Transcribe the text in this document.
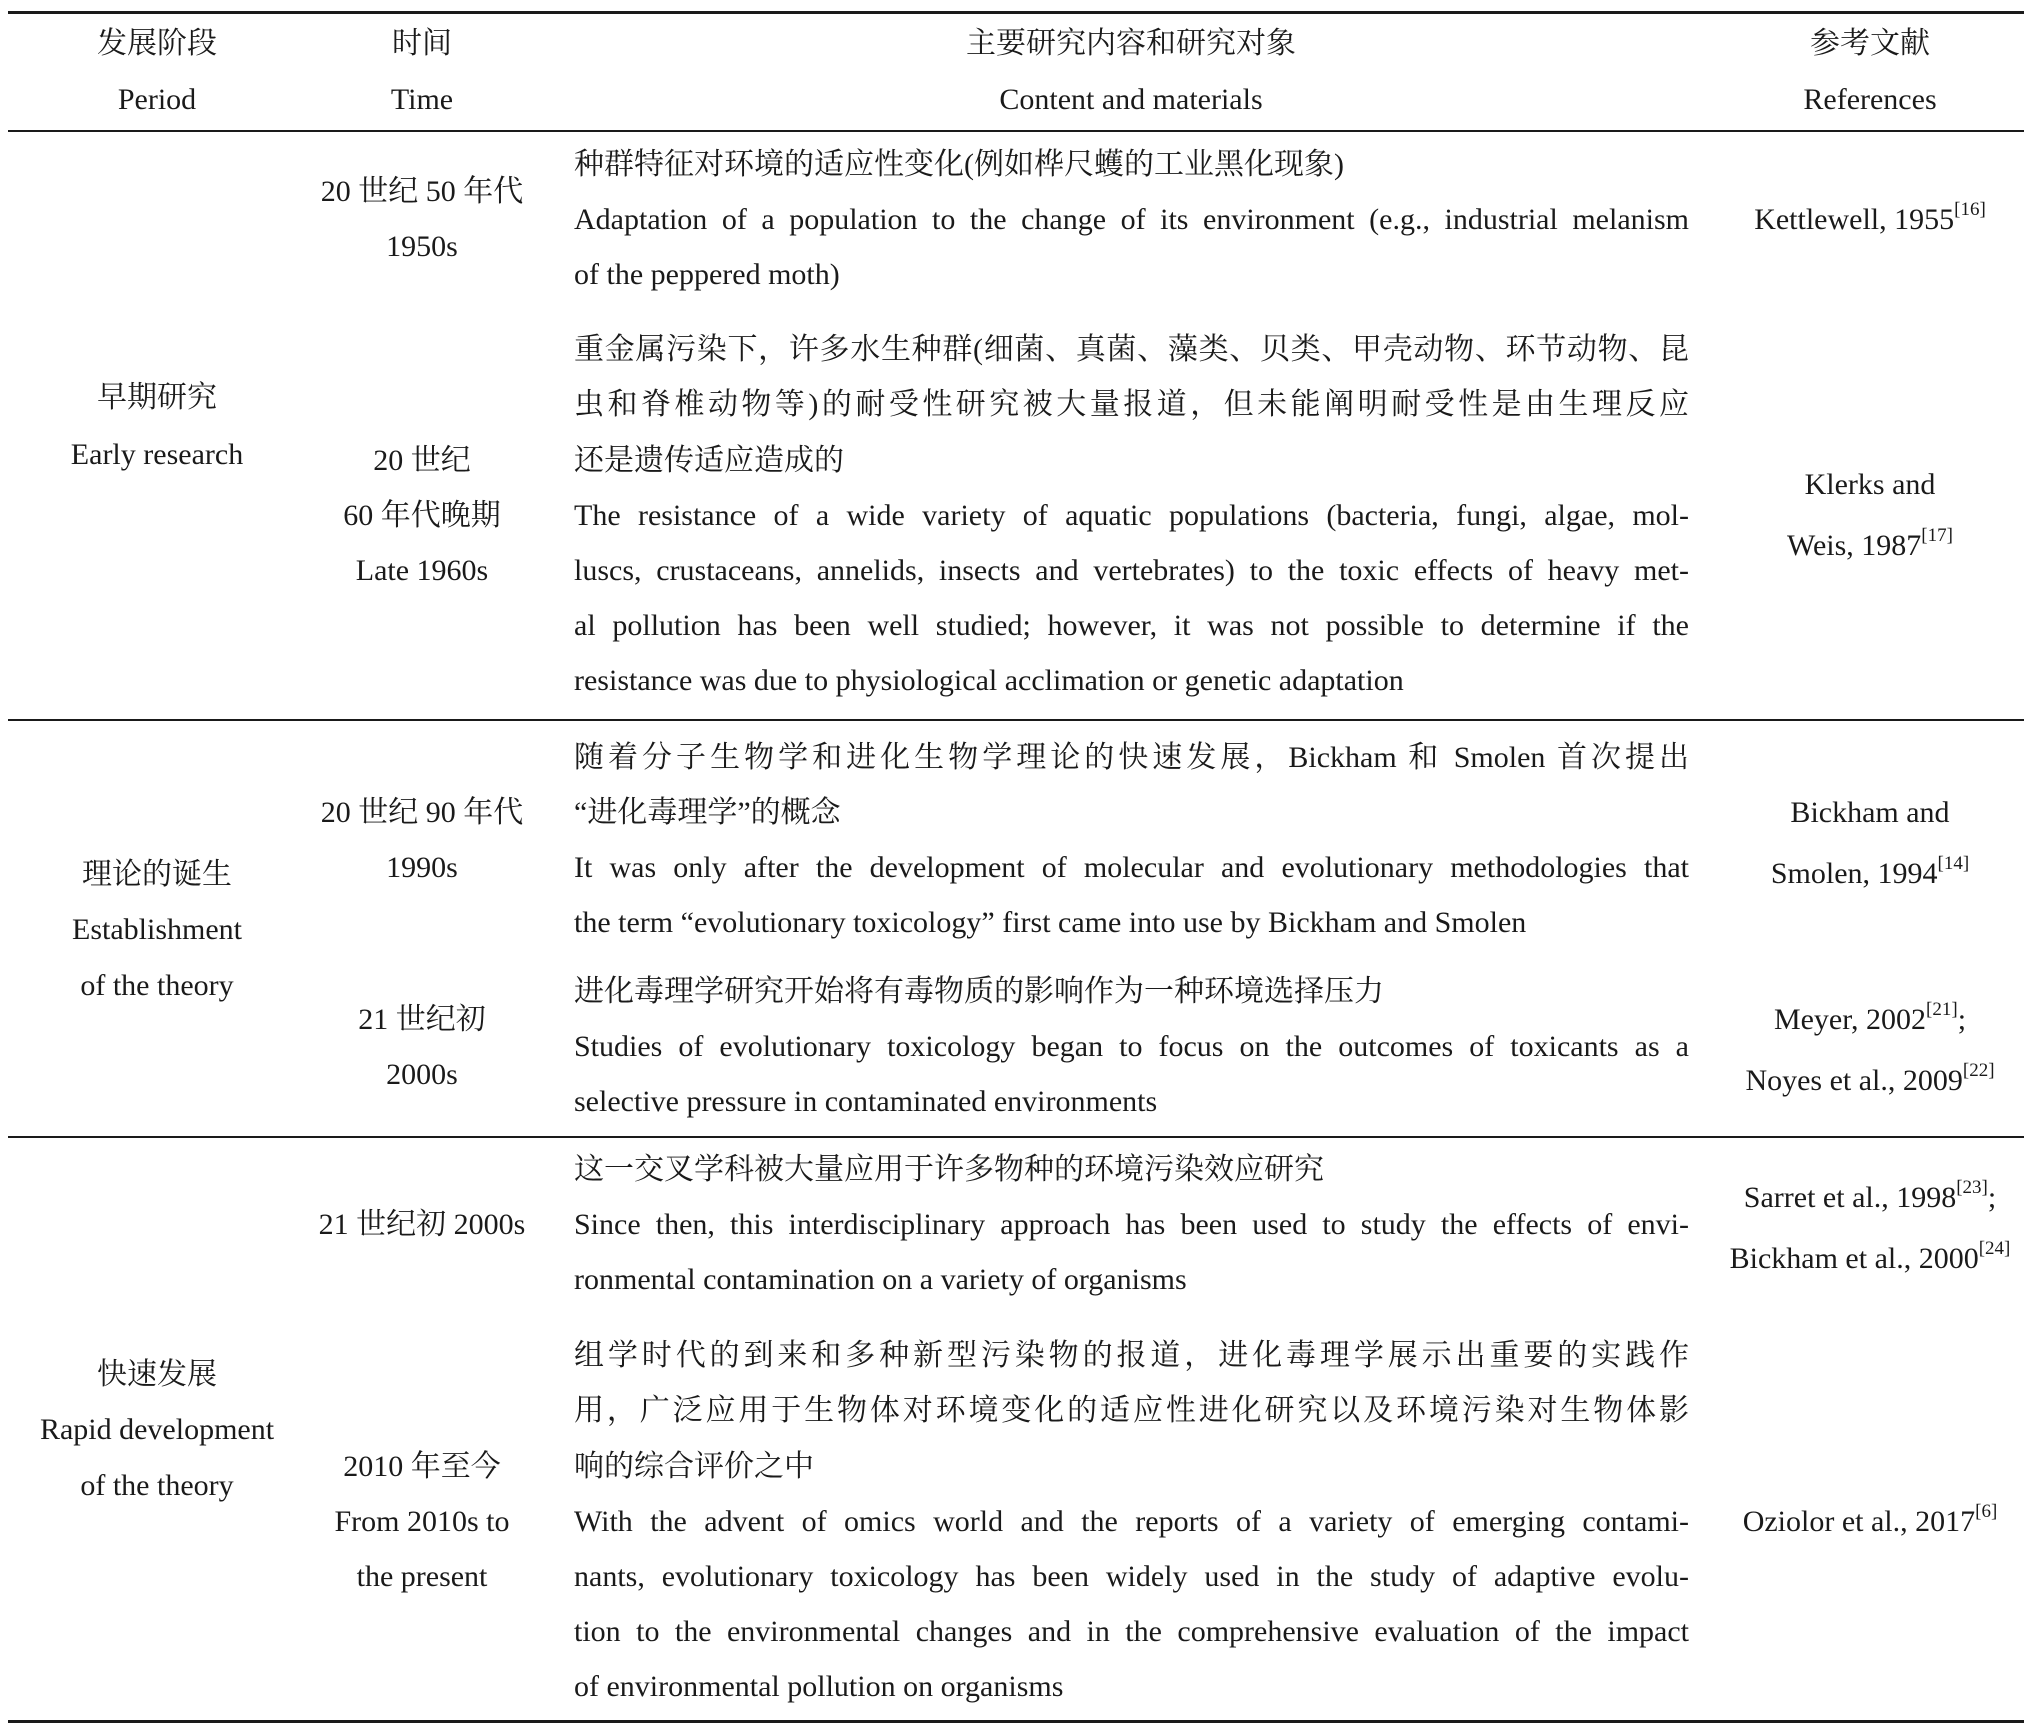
发展阶段
Period
时间
Time
主要研究内容和研究对象
Content and materials
参考文献
References
早期研究
Early research
20 世纪 50 年代
1950s
种群特征对环境的适应性变化(例如桦尺蠖的工业黑化现象)
Adaptation of a population to the change of its environment (e.g., industrial melanism
of the peppered moth)
Kettlewell, 1955[16]
20 世纪
60 年代晚期
Late 1960s
重金属污染下，许多水生种群(细菌、真菌、藻类、贝类、甲壳动物、环节动物、昆
虫和脊椎动物等)的耐受性研究被大量报道，但未能阐明耐受性是由生理反应
还是遗传适应造成的
The resistance of a wide variety of aquatic populations (bacteria, fungi, algae, mol-
luscs, crustaceans, annelids, insects and vertebrates) to the toxic effects of heavy met-
al pollution has been well studied; however, it was not possible to determine if the
resistance was due to physiological acclimation or genetic adaptation
Klerks and
Weis, 1987[17]
理论的诞生
Establishment
of the theory
20 世纪 90 年代
1990s
随着分子生物学和进化生物学理论的快速发展，Bickham 和 Smolen 首次提出
“进化毒理学”的概念
It was only after the development of molecular and evolutionary methodologies that
the term “evolutionary toxicology” first came into use by Bickham and Smolen
Bickham and
Smolen, 1994[14]
21 世纪初
2000s
进化毒理学研究开始将有毒物质的影响作为一种环境选择压力
Studies of evolutionary toxicology began to focus on the outcomes of toxicants as a
selective pressure in contaminated environments
Meyer, 2002[21];
Noyes et al., 2009[22]
快速发展
Rapid development
of the theory
21 世纪初 2000s
这一交叉学科被大量应用于许多物种的环境污染效应研究
Since then, this interdisciplinary approach has been used to study the effects of envi-
ronmental contamination on a variety of organisms
Sarret et al., 1998[23];
Bickham et al., 2000[24]
2010 年至今
From 2010s to
the present
组学时代的到来和多种新型污染物的报道，进化毒理学展示出重要的实践作
用，广泛应用于生物体对环境变化的适应性进化研究以及环境污染对生物体影
响的综合评价之中
With the advent of omics world and the reports of a variety of emerging contami-
nants, evolutionary toxicology has been widely used in the study of adaptive evolu-
tion to the environmental changes and in the comprehensive evaluation of the impact
of environmental pollution on organisms
Oziolor et al., 2017[6]
